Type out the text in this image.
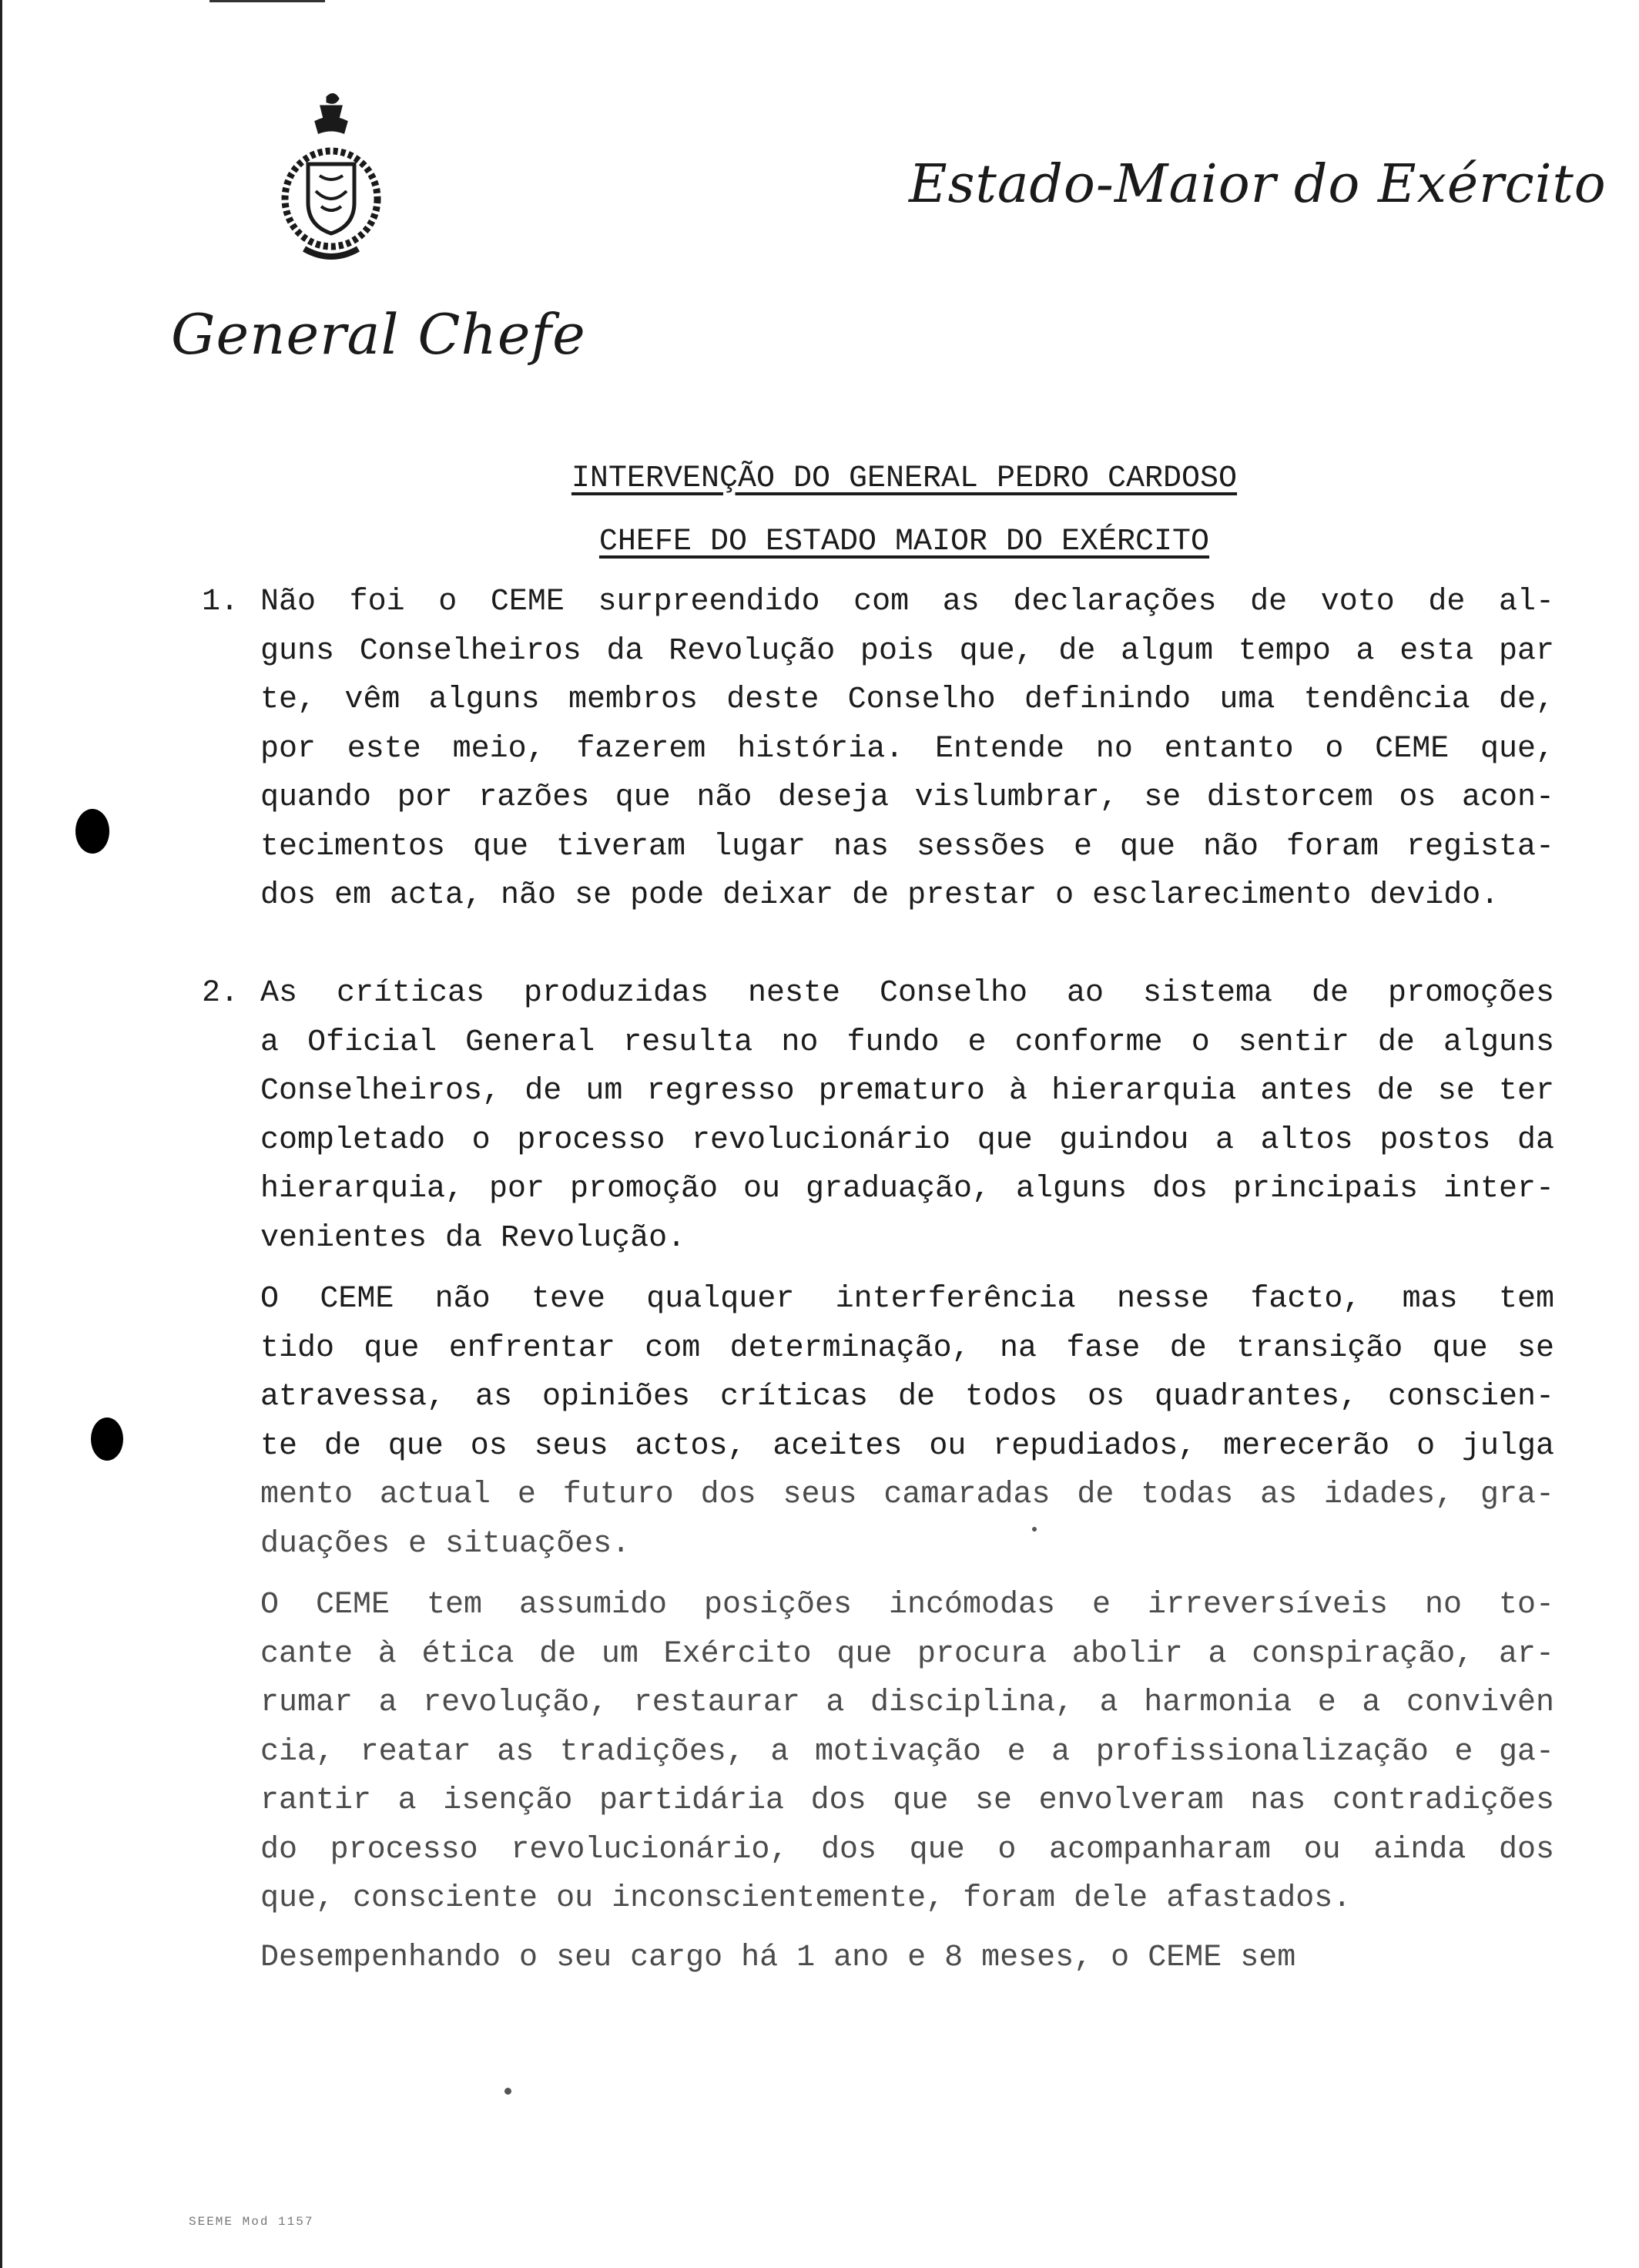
Estado-Maior do Exército
General Chefe
INTERVENÇÃO DO GENERAL PEDRO CARDOSO
CHEFE DO ESTADO MAIOR DO EXÉRCITO
1. Não foi o CEME surpreendido com as declarações de voto de al-
guns Conselheiros da Revolução pois que, de algum tempo a esta par
te, vêm alguns membros deste Conselho definindo uma tendência de,
por este meio, fazerem história. Entende no entanto o CEME que,
quando por razões que não deseja vislumbrar, se distorcem os acon-
tecimentos que tiveram lugar nas sessões e que não foram registа-
dos em acta, não se pode deixar de prestar o esclarecimento devido.
2. As críticas produzidas neste Conselho ao sistema de promoções
a Oficial General resulta no fundo e conforme o sentir de alguns
Conselheiros, de um regresso prematuro à hierarquia antes de se ter
completado o processo revolucionário que guindou a altos postos da
hierarquia, por promoção ou graduação, alguns dos principais inter-
venientes da Revolução.
O CEME não teve qualquer interferência nesse facto, mas tem
tido que enfrentar com determinação, na fase de transição que se
atravessa, as opiniões críticas de todos os quadrantes, conscien-
te de que os seus actos, aceites ou repudiados, merecerão o julga
mento actual e futuro dos seus camaradas de todas as idades, gra-
duações e situações.
O CEME tem assumido posições incómodas e irreversíveis no to-
cante à ética de um Exército que procura abolir a conspiração, ar-
rumar a revolução, restaurar a disciplina, a harmonia e a convivên
cia, reatar as tradições, a motivação e a profissionalização e ga-
rantir a isenção partidária dos que se envolveram nas contradições
do processo revolucionário, dos que o acompanharam ou ainda dos
que, consciente ou inconscientemente, foram dele afastados.
Desempenhando o seu cargo há 1 ano e 8 meses, o CEME sem
SEEME Mod 1157
